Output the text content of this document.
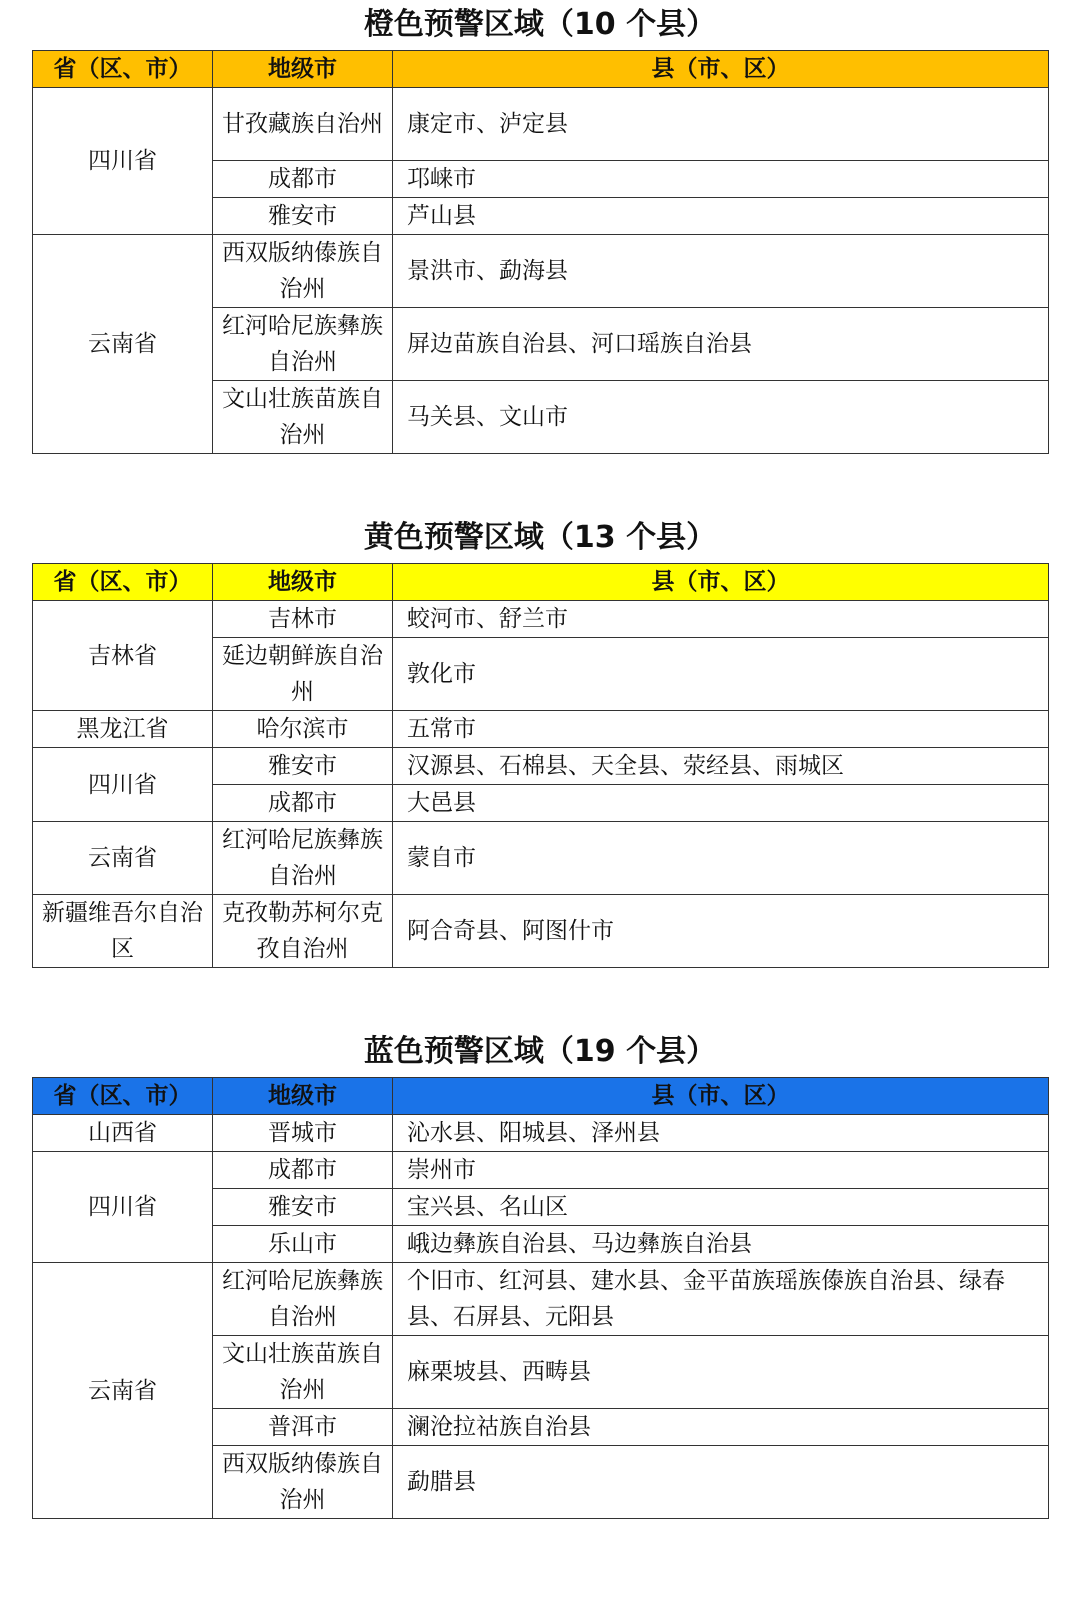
橙色预警区域（10 个县）
省（区、市）	地级市	县（市、区）
四川省	甘孜藏族自治州	康定市、泸定县
	成都市	邛崃市
	雅安市	芦山县
云南省	西双版纳傣族自治州	景洪市、勐海县
	红河哈尼族彝族自治州	屏边苗族自治县、河口瑶族自治县
	文山壮族苗族自治州	马关县、文山市
黄色预警区域（13 个县）
省（区、市）	地级市	县（市、区）
吉林省	吉林市	蛟河市、舒兰市
	延边朝鲜族自治州	敦化市
黑龙江省	哈尔滨市	五常市
四川省	雅安市	汉源县、石棉县、天全县、荥经县、雨城区
	成都市	大邑县
云南省	红河哈尼族彝族自治州	蒙自市
新疆维吾尔自治区	克孜勒苏柯尔克孜自治州	阿合奇县、阿图什市
蓝色预警区域（19 个县）
省（区、市）	地级市	县（市、区）
山西省	晋城市	沁水县、阳城县、泽州县
四川省	成都市	崇州市
	雅安市	宝兴县、名山区
	乐山市	峨边彝族自治县、马边彝族自治县
云南省	红河哈尼族彝族自治州	个旧市、红河县、建水县、金平苗族瑶族傣族自治县、绿春县、石屏县、元阳县
	文山壮族苗族自治州	麻栗坡县、西畴县
	普洱市	澜沧拉祜族自治县
	西双版纳傣族自治州	勐腊县
